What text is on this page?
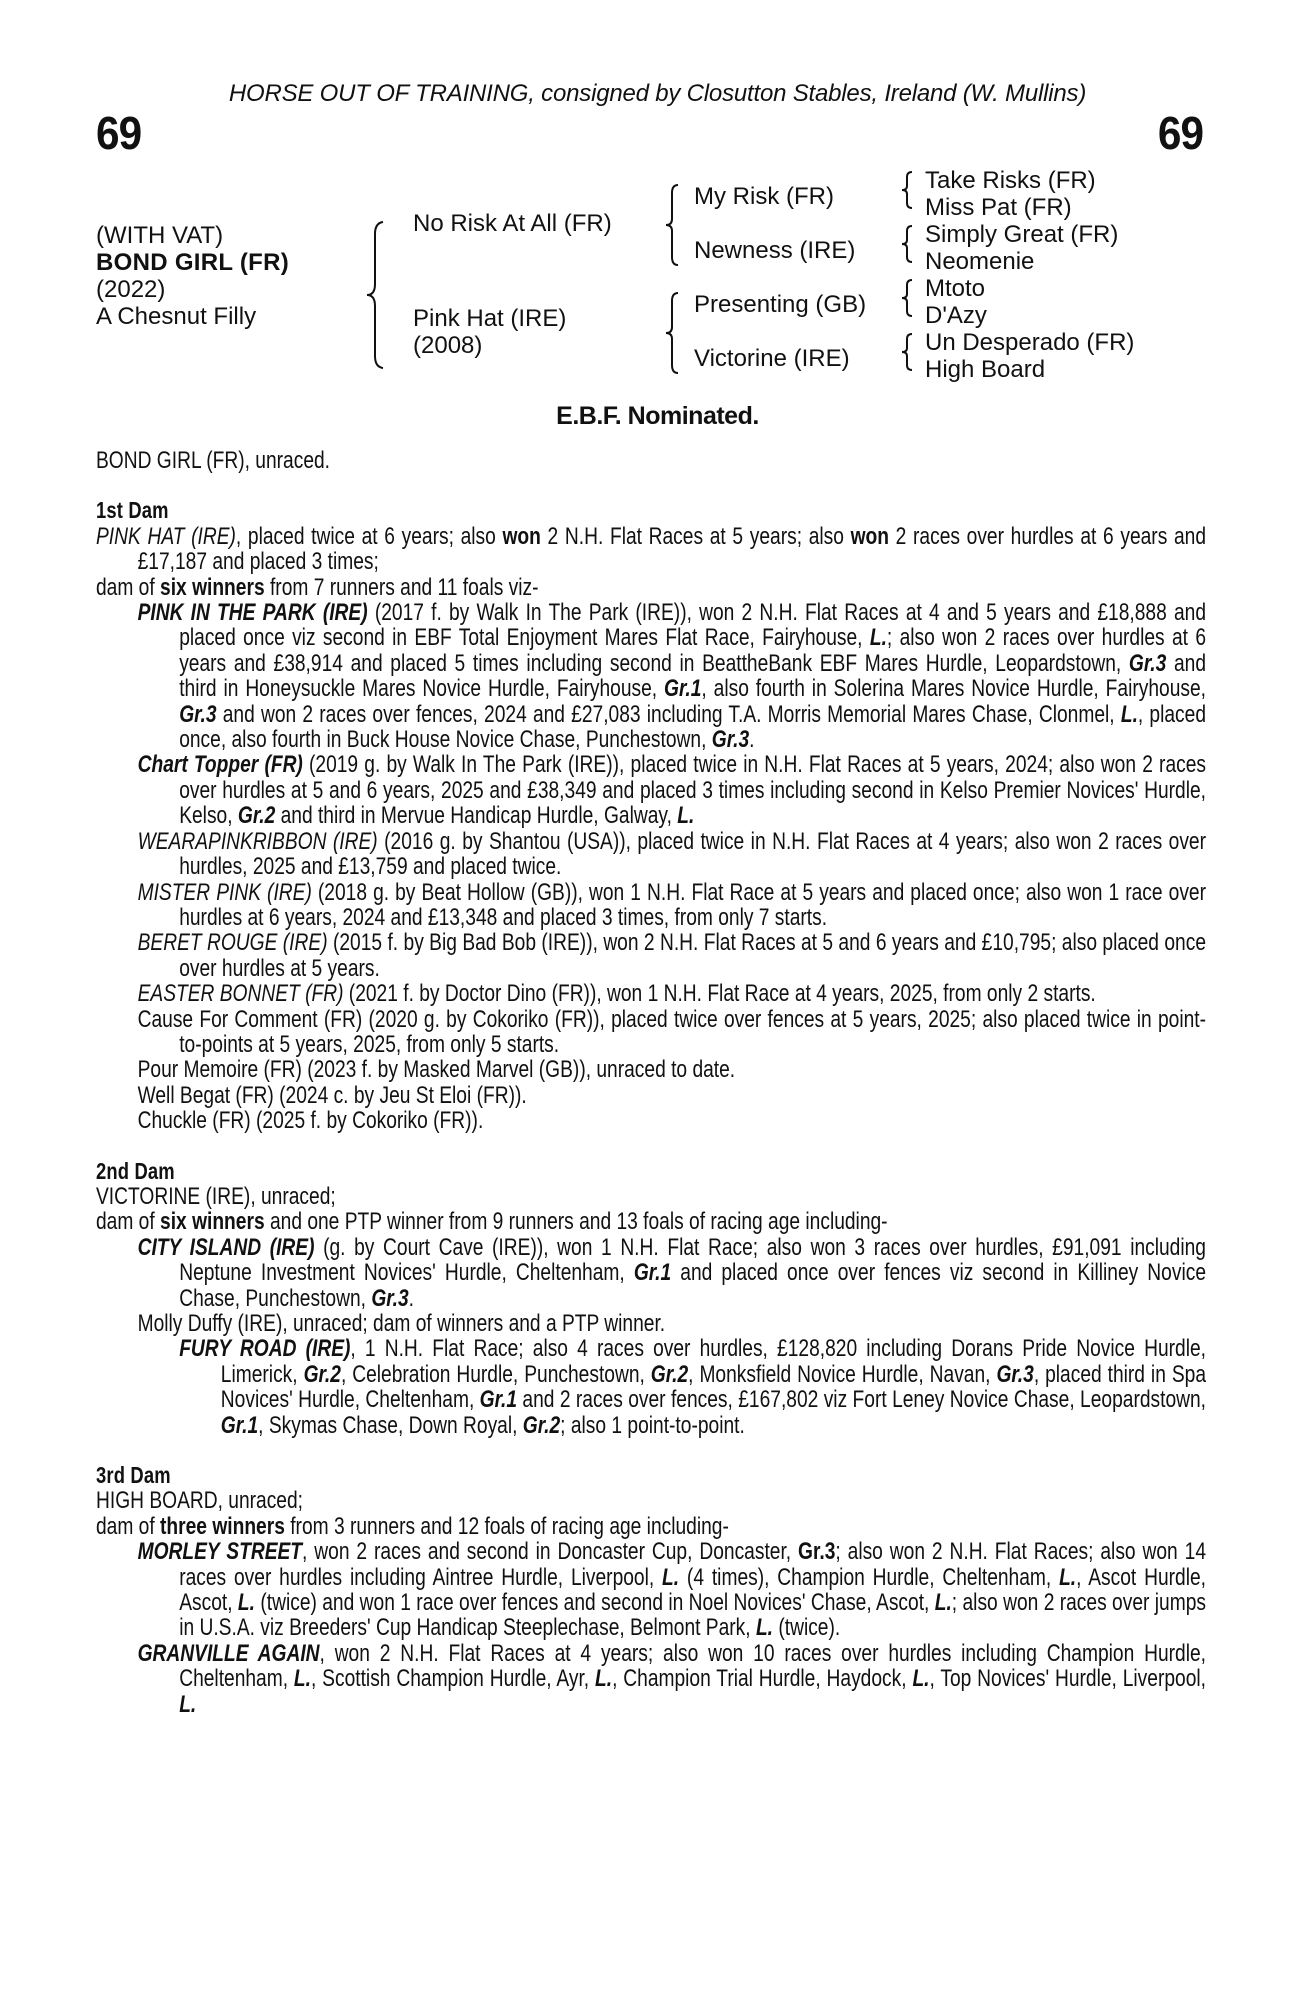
HORSE OUT OF TRAINING, consigned by Closutton Stables, Ireland (W. Mullins)
69	69
(WITH VAT)
BOND GIRL (FR)
(2022)
A Chesnut Filly
No Risk At All (FR)
Pink Hat (IRE)
(2008)
My Risk (FR)
Newness (IRE)
Presenting (GB)
Victorine (IRE)
Take Risks (FR)
Miss Pat (FR)
Simply Great (FR)
Neomenie
Mtoto
D'Azy
Un Desperado (FR)
High Board
E.B.F. Nominated.

BOND GIRL (FR), unraced.

1st Dam

PINK HAT (IRE), placed twice at 6 years; also won 2 N.H. Flat Races at 5 years; also won 2 races over hurdles at 6 years and £17,187 and placed 3 times;

dam of six winners from 7 runners and 11 foals viz-

PINK IN THE PARK (IRE) (2017 f. by Walk In The Park (IRE)), won 2 N.H. Flat Races at 4 and 5 years and £18,888 and placed once viz second in EBF Total Enjoyment Mares Flat Race, Fairyhouse, L.; also won 2 races over hurdles at 6 years and £38,914 and placed 5 times including second in BeattheBank EBF Mares Hurdle, Leopardstown, Gr.3 and third in Honeysuckle Mares Novice Hurdle, Fairyhouse, Gr.1, also fourth in Solerina Mares Novice Hurdle, Fairyhouse, Gr.3 and won 2 races over fences, 2024 and £27,083 including T.A. Morris Memorial Mares Chase, Clonmel, L., placed once, also fourth in Buck House Novice Chase, Punchestown, Gr.3.

Chart Topper (FR) (2019 g. by Walk In The Park (IRE)), placed twice in N.H. Flat Races at 5 years, 2024; also won 2 races over hurdles at 5 and 6 years, 2025 and £38,349 and placed 3 times including second in Kelso Premier Novices' Hurdle, Kelso, Gr.2 and third in Mervue Handicap Hurdle, Galway, L.

WEARAPINKRIBBON (IRE) (2016 g. by Shantou (USA)), placed twice in N.H. Flat Races at 4 years; also won 2 races over hurdles, 2025 and £13,759 and placed twice.

MISTER PINK (IRE) (2018 g. by Beat Hollow (GB)), won 1 N.H. Flat Race at 5 years and placed once; also won 1 race over hurdles at 6 years, 2024 and £13,348 and placed 3 times, from only 7 starts.

BERET ROUGE (IRE) (2015 f. by Big Bad Bob (IRE)), won 2 N.H. Flat Races at 5 and 6 years and £10,795; also placed once over hurdles at 5 years.

EASTER BONNET (FR) (2021 f. by Doctor Dino (FR)), won 1 N.H. Flat Race at 4 years, 2025, from only 2 starts.

Cause For Comment (FR) (2020 g. by Cokoriko (FR)), placed twice over fences at 5 years, 2025; also placed twice in point-to-points at 5 years, 2025, from only 5 starts.

Pour Memoire (FR) (2023 f. by Masked Marvel (GB)), unraced to date.

Well Begat (FR) (2024 c. by Jeu St Eloi (FR)).

Chuckle (FR) (2025 f. by Cokoriko (FR)).

2nd Dam

VICTORINE (IRE), unraced;

dam of six winners and one PTP winner from 9 runners and 13 foals of racing age including-

CITY ISLAND (IRE) (g. by Court Cave (IRE)), won 1 N.H. Flat Race; also won 3 races over hurdles, £91,091 including Neptune Investment Novices' Hurdle, Cheltenham, Gr.1 and placed once over fences viz second in Killiney Novice Chase, Punchestown, Gr.3.

Molly Duffy (IRE), unraced; dam of winners and a PTP winner.

FURY ROAD (IRE), 1 N.H. Flat Race; also 4 races over hurdles, £128,820 including Dorans Pride Novice Hurdle, Limerick, Gr.2, Celebration Hurdle, Punchestown, Gr.2, Monksfield Novice Hurdle, Navan, Gr.3, placed third in Spa Novices' Hurdle, Cheltenham, Gr.1 and 2 races over fences, £167,802 viz Fort Leney Novice Chase, Leopardstown, Gr.1, Skymas Chase, Down Royal, Gr.2; also 1 point-to-point.

3rd Dam

HIGH BOARD, unraced;

dam of three winners from 3 runners and 12 foals of racing age including-

MORLEY STREET, won 2 races and second in Doncaster Cup, Doncaster, Gr.3; also won 2 N.H. Flat Races; also won 14 races over hurdles including Aintree Hurdle, Liverpool, L. (4 times), Champion Hurdle, Cheltenham, L., Ascot Hurdle, Ascot, L. (twice) and won 1 race over fences and second in Noel Novices' Chase, Ascot, L.; also won 2 races over jumps in U.S.A. viz Breeders' Cup Handicap Steeplechase, Belmont Park, L. (twice).

GRANVILLE AGAIN, won 2 N.H. Flat Races at 4 years; also won 10 races over hurdles including Champion Hurdle, Cheltenham, L., Scottish Champion Hurdle, Ayr, L., Champion Trial Hurdle, Haydock, L., Top Novices' Hurdle, Liverpool, L.
